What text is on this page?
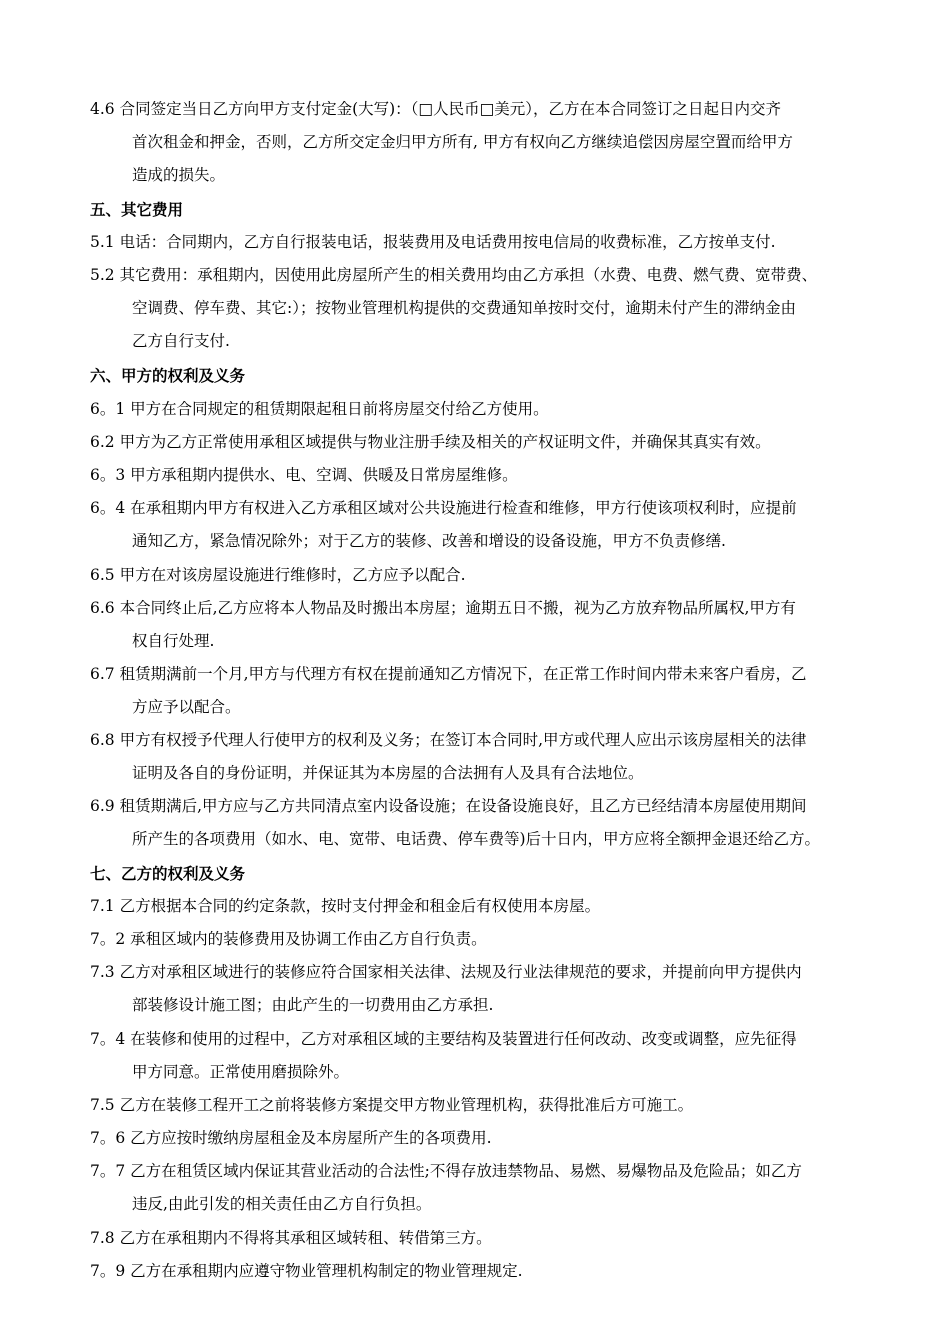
4.6 合同签定当日乙方向甲方支付定金(大写)：（□人民币□美元），乙方在本合同签订之日起日内交齐
首次租金和押金，否则，乙方所交定金归甲方所有, 甲方有权向乙方继续追偿因房屋空置而给甲方
造成的损失。
五、其它费用
5.1 电话：合同期内，乙方自行报装电话，报装费用及电话费用按电信局的收费标准，乙方按单支付.
5.2 其它费用：承租期内，因使用此房屋所产生的相关费用均由乙方承担（水费、电费、燃气费、宽带费、
空调费、停车费、其它:）；按物业管理机构提供的交费通知单按时交付，逾期未付产生的滞纳金由
乙方自行支付.
六、甲方的权利及义务
6。1 甲方在合同规定的租赁期限起租日前将房屋交付给乙方使用。
6.2 甲方为乙方正常使用承租区域提供与物业注册手续及相关的产权证明文件，并确保其真实有效。
6。3 甲方承租期内提供水、电、空调、供暖及日常房屋维修。
6。4 在承租期内甲方有权进入乙方承租区域对公共设施进行检查和维修，甲方行使该项权利时，应提前
通知乙方，紧急情况除外；对于乙方的装修、改善和增设的设备设施，甲方不负责修缮.
6.5 甲方在对该房屋设施进行维修时，乙方应予以配合.
6.6 本合同终止后,乙方应将本人物品及时搬出本房屋；逾期五日不搬，视为乙方放弃物品所属权,甲方有
权自行处理.
6.7 租赁期满前一个月,甲方与代理方有权在提前通知乙方情况下，在正常工作时间内带未来客户看房，乙
方应予以配合。
6.8 甲方有权授予代理人行使甲方的权利及义务；在签订本合同时,甲方或代理人应出示该房屋相关的法律
证明及各自的身份证明，并保证其为本房屋的合法拥有人及具有合法地位。
6.9 租赁期满后,甲方应与乙方共同清点室内设备设施；在设备设施良好，且乙方已经结清本房屋使用期间
所产生的各项费用（如水、电、宽带、电话费、停车费等)后十日内，甲方应将全额押金退还给乙方。
七、乙方的权利及义务
7.1 乙方根据本合同的约定条款，按时支付押金和租金后有权使用本房屋。
7。2 承租区域内的装修费用及协调工作由乙方自行负责。
7.3 乙方对承租区域进行的装修应符合国家相关法律、法规及行业法律规范的要求，并提前向甲方提供内
部装修设计施工图；由此产生的一切费用由乙方承担.
7。4 在装修和使用的过程中，乙方对承租区域的主要结构及装置进行任何改动、改变或调整，应先征得
甲方同意。正常使用磨损除外。
7.5 乙方在装修工程开工之前将装修方案提交甲方物业管理机构，获得批准后方可施工。
7。6 乙方应按时缴纳房屋租金及本房屋所产生的各项费用.
7。7 乙方在租赁区域内保证其营业活动的合法性;不得存放违禁物品、易燃、易爆物品及危险品；如乙方
违反,由此引发的相关责任由乙方自行负担。
7.8 乙方在承租期内不得将其承租区域转租、转借第三方。
7。9 乙方在承租期内应遵守物业管理机构制定的物业管理规定.
